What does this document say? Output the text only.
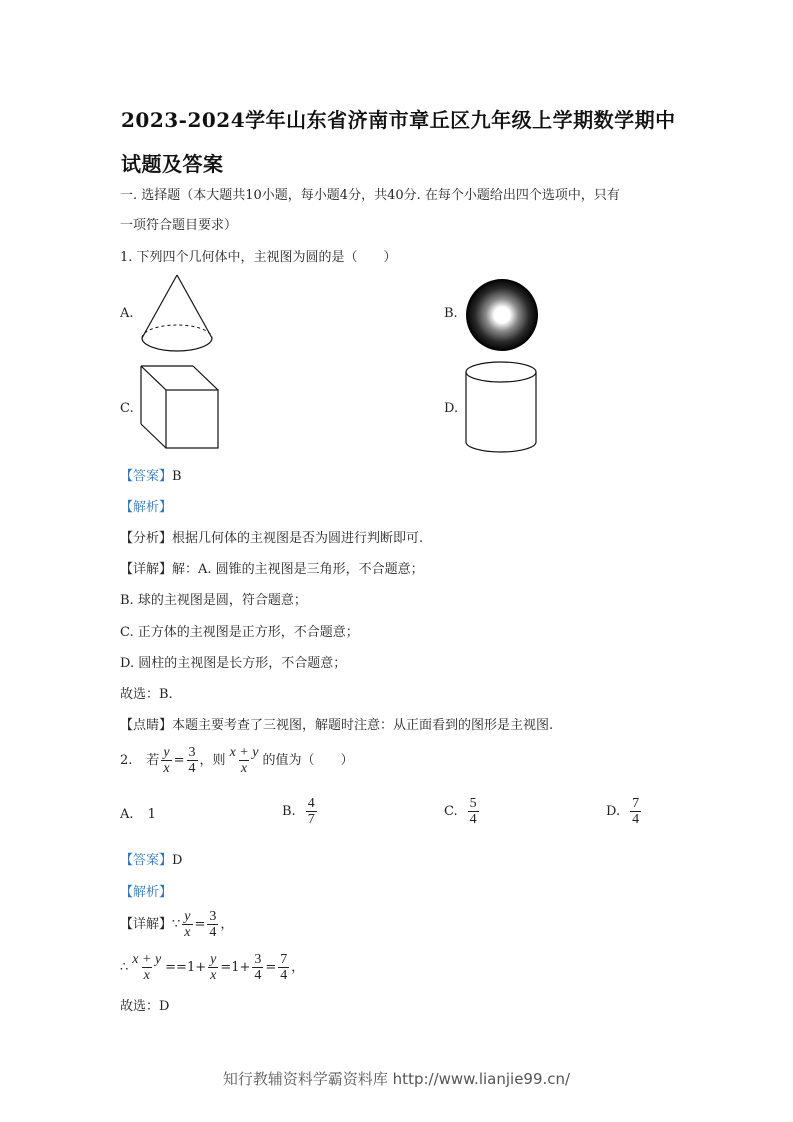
2023-2024学年山东省济南市章丘区九年级上学期数学期中
试题及答案
一. 选择题（本大题共10小题，每小题4分，共40分. 在每个小题给出四个选项中，只有
一项符合题目要求）
1. 下列四个几何体中，主视图为圆的是（　　）
A.	B.
C.	D.
【答案】B
【解析】
【分析】根据几何体的主视图是否为圆进行判断即可.
【详解】解：A. 圆锥的主视图是三角形，不合题意；
B. 球的主视图是圆，符合题意；
C. 正方体的主视图是正方形，不合题意；
D. 圆柱的主视图是长方形，不合题意；
故选：B.
【点睛】本题主要考查了三视图，解题时注意：从正面看到的图形是主视图.
2. 若 $\frac{y}{x} = \frac{3}{4}$ ，则 $\frac{x + y}{x}$ 的值为（　　）
A. 1	B. $\frac{4}{7}$	C. $\frac{5}{4}$	D. $\frac{7}{4}$
【答案】D
【解析】
【详解】 ∵ $\frac{y}{x} = \frac{3}{4}$ ，
∴ $\frac{x + y}{x} ==1+ \frac{y}{x} =1+ \frac{3}{4} = \frac{7}{4}$ ，
故选：D
知行教辅资料学霸资料库 http://www.lianjie99.cn/
